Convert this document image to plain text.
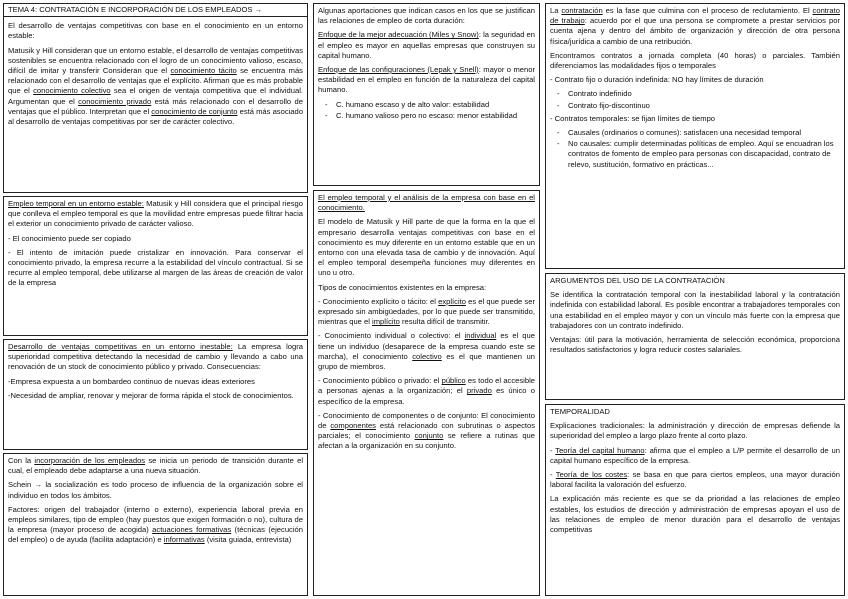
TEMA 4: CONTRATACIÓN E INCORPORACIÓN DE LOS EMPLEADOS →

El desarrollo de ventajas competitivas con base en el conocimiento en un entorno estable:

Matusik y Hill consideran que un entorno estable, el desarrollo de ventajas competitivas sostenibles se encuentra relacionado con el logro de un conocimiento valioso, escaso, difícil de imitar y transferir Consideran que el conocimiento tácito se encuentra más relacionado con el desarrollo de ventajas que el explícito. Afirman que es más probable que el conocimiento colectivo sea el origen de ventaja competitiva que el individual. Argumentan que el conocimiento privado está más relacionado con el desarrollo de ventajas que el público. Interpretan que el conocimiento de conjunto está más asociado al desarrollo de ventajas competitivas por ser de carácter colectivo.

Empleo temporal en un entorno estable: Matusik y Hill considera que el principal riesgo que conlleva el empleo temporal es que la movilidad entre empresas puede filtrar hacia el exterior un conocimiento privado de carácter valioso.

- El conocimiento puede ser copiado

- El intento de imitación puede cristalizar en innovación. Para conservar el conocimiento privado, la empresa recurre a la estabilidad del vínculo contractual. Si se recurre al empleo temporal, debe utilizarse al margen de las áreas de creación de valor de la empresa

Desarrollo de ventajas competitivas en un entorno inestable: La empresa logra superioridad competitiva detectando la necesidad de cambio y llevando a cabo una renovación de un stock de conocimiento público y privado. Consecuencias:

-Empresa expuesta a un bombardeo continuo de nuevas ideas exteriores

-Necesidad de ampliar, renovar y mejorar de forma rápida el stock de conocimientos.

Con la incorporación de los empleados se inicia un periodo de transición durante el cual, el empleado debe adaptarse a una nueva situación.

Schein → la socialización es todo proceso de influencia de la organización sobre el individuo en todos los ámbitos.

Factores: origen del trabajador (interno o externo), experiencia laboral previa en empleos similares, tipo de empleo (hay puestos que exigen formación o no), cultura de la empresa (mayor proceso de acogida) actuaciones formativas (técnicas (ejecución del empleo) o de ayuda (facilita adaptación) e informativas (visita guiada, entrevista)

Algunas aportaciones que indican casos en los que se justifican las relaciones de empleo de corta duración:

Enfoque de la mejor adecuación (Miles y Snow): la seguridad en el empleo es mayor en aquellas empresas que construyen su capital humano.

Enfoque de las configuraciones (Lepak y Snell): mayor o menor estabilidad en el empleo en función de la naturaleza del capital humano.

- C. humano escaso y de alto valor: estabilidad
- C. humano valioso pero no escaso: menor estabilidad

El empleo temporal y el análisis de la empresa con base en el conocimiento.

El modelo de Matusik y Hill parte de que la forma en la que el empresario desarrolla ventajas competitivas con base en el conocimiento es muy diferente en un entorno estable que en un entorno con una elevada tasa de cambio y de innovación. Aquí el empleo temporal desempeña funciones muy diferentes en uno u otro.

Tipos de conocimientos existentes en la empresa:

- Conocimiento explícito o tácito: el explícito es el que puede ser expresado sin ambigüedades, por lo que puede ser transmitido, mientras que el implícito resulta difícil de transmitir.

- Conocimiento individual o colectivo: el individual es el que tiene un individuo (desaparece de la empresa cuando este se marcha), el conocimiento colectivo es el que mantienen un grupo de miembros.

- Conocimiento público o privado: el público es todo el accesible a personas ajenas a la organización; el privado es único o específico de la empresa.

- Conocimiento de componentes o de conjunto: El conocimiento de componentes está relacionado con subrutinas o aspectos parciales; el conocimiento conjunto se refiere a rutinas que afectan a la organización en su conjunto.

La contratación es la fase que culmina con el proceso de reclutamiento. El contrato de trabajo: acuerdo por el que una persona se compromete a prestar servicios por cuenta ajena y dentro del ámbito de organización y dirección de otra persona física/jurídica a cambio de una retribución.

Encontramos contratos a jornada completa (40 horas) o parciales. También diferenciamos las modalidades fijos o temporales

- Contrato fijo o duración indefinida: NO hay límites de duración

- Contrato indefinido
- Contrato fijo-discontinuo

- Contratos temporales: se fijan límites de tiempo

- Causales (ordinarios o comunes): satisfacen una necesidad temporal
- No causales: cumplir determinadas políticas de empleo. Aquí se encuadran los contratos de fomento de empleo para personas con discapacidad, contrato de relevo, sustitución, formativo en prácticas...
ARGUMENTOS DEL USO DE LA CONTRATACIÓN

Se identifica la contratación temporal con la inestabilidad laboral y la contratación indefinida con estabilidad laboral. Es posible encontrar a trabajadores temporales con una estabilidad en el empleo mayor y con un vínculo más fuerte con la empresa que trabajadores con un contrato indefinido.

Ventajas: útil para la motivación, herramienta de selección económica, proporciona resultados satisfactorios y logra reducir costes salariales.

TEMPORALIDAD

Explicaciones tradicionales: la administración y dirección de empresas defiende la superioridad del empleo a largo plazo frente al corto plazo.

- Teoría del capital humano: afirma que el empleo a L/P permite el desarrollo de un capital humano específico de la empresa.

- Teoría de los costes: se basa en que para ciertos empleos, una mayor duración laboral facilita la valoración del esfuerzo.

La explicación más reciente es que se da prioridad a las relaciones de empleo estables, los estudios de dirección y administración de empresas apoyan el uso de las relaciones de empleo de menor duración para el desarrollo de ventajas competitivas
